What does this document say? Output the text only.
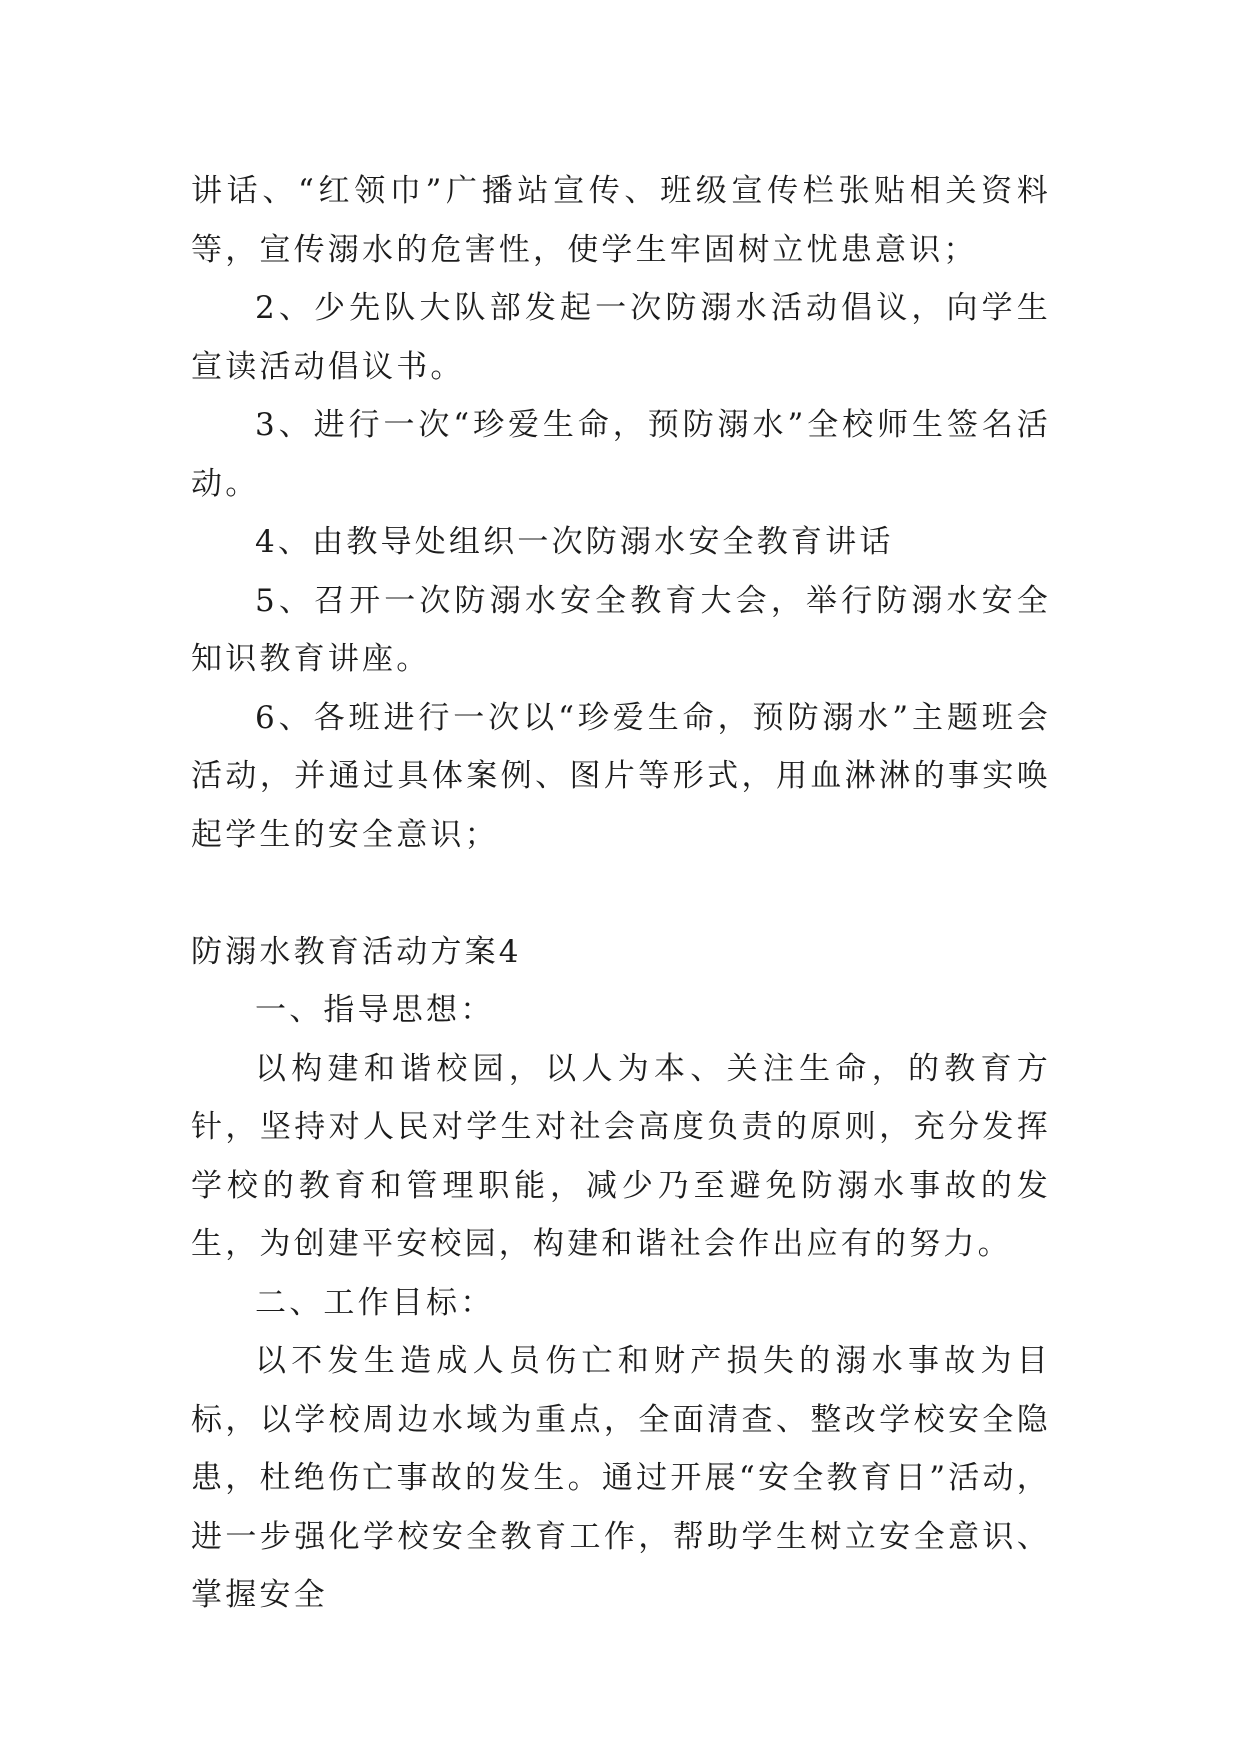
讲话、“红领巾”广播站宣传、班级宣传栏张贴相关资料等，宣传溺水的危害性，使学生牢固树立忧患意识；

2、少先队大队部发起一次防溺水活动倡议，向学生宣读活动倡议书。

3、进行一次“珍爱生命，预防溺水”全校师生签名活动。

4、由教导处组织一次防溺水安全教育讲话

5、召开一次防溺水安全教育大会，举行防溺水安全知识教育讲座。

6、各班进行一次以“珍爱生命，预防溺水”主题班会活动，并通过具体案例、图片等形式，用血淋淋的事实唤起学生的安全意识；

防溺水教育活动方案4

一、指导思想：

以构建和谐校园，以人为本、关注生命，的教育方针，坚持对人民对学生对社会高度负责的原则，充分发挥学校的教育和管理职能，减少乃至避免防溺水事故的发生，为创建平安校园，构建和谐社会作出应有的努力。

二、工作目标：

以不发生造成人员伤亡和财产损失的溺水事故为目标，以学校周边水域为重点，全面清查、整改学校安全隐患，杜绝伤亡事故的发生。通过开展“安全教育日”活动，进一步强化学校安全教育工作，帮助学生树立安全意识、掌握安全
